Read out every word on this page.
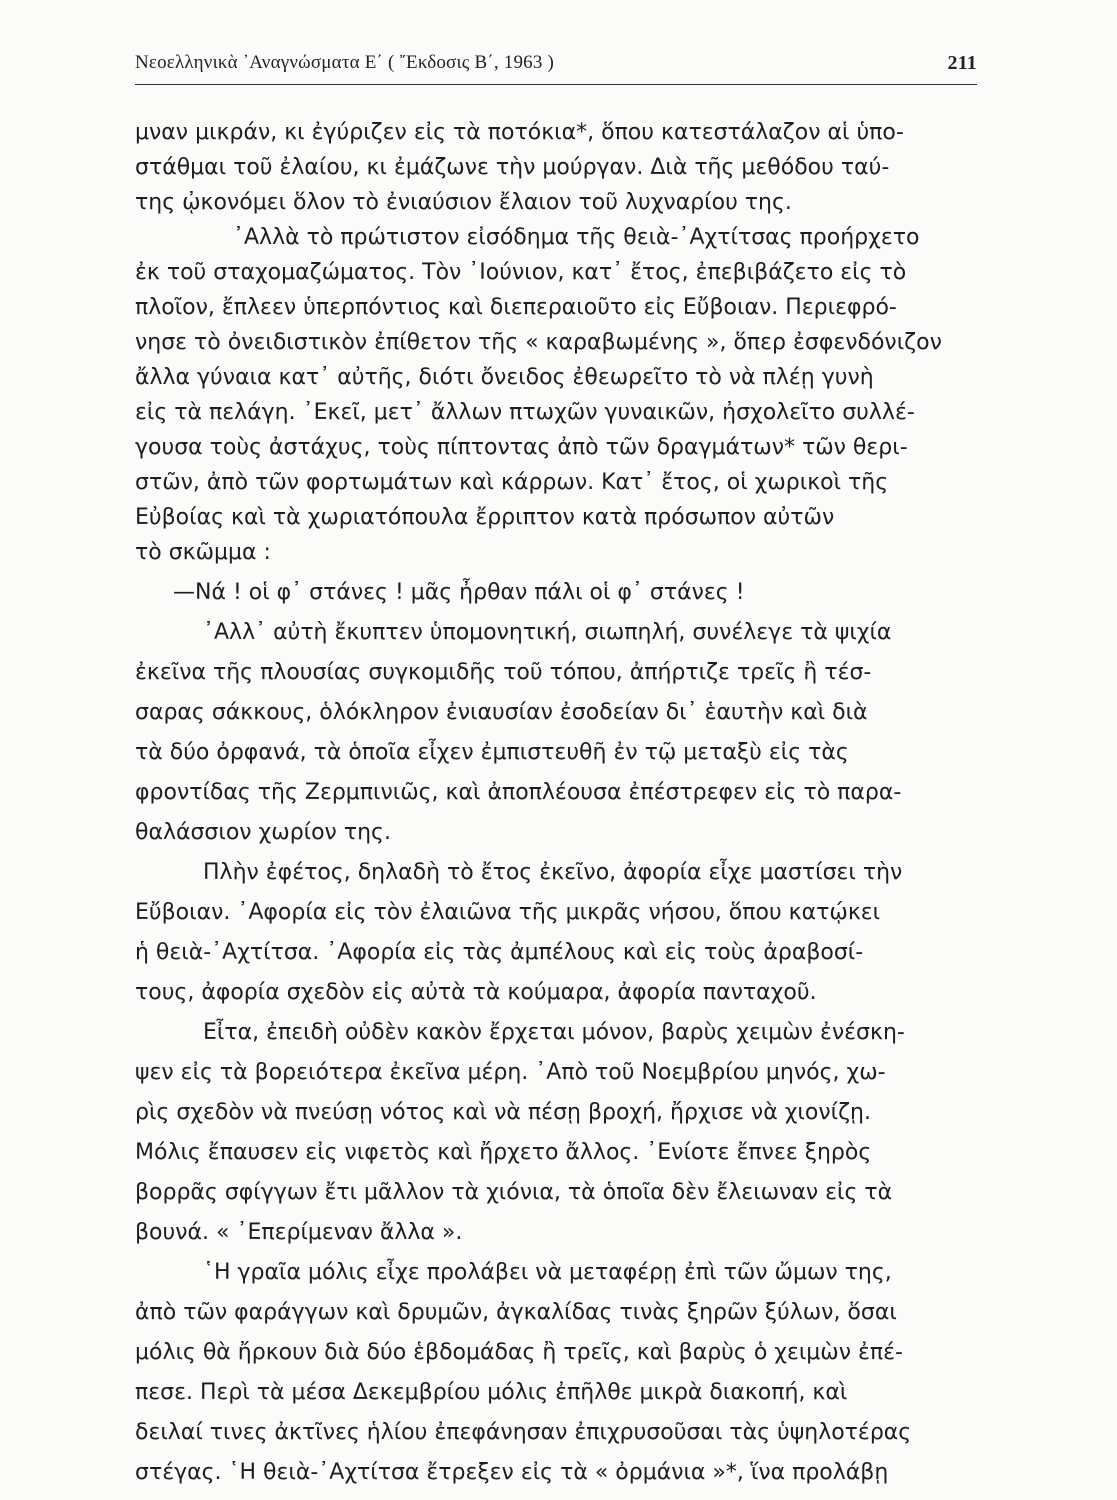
Νεοελληνικὰ ᾿Αναγνώσματα Ε΄ ( ῎Εκδοσις Β΄, 1963 )	211
μναν μικράν, κι ἐγύριζεν εἰς τὰ ποτόκια*, ὅπου κατεστάλαζον αἱ ὑπο-
στάθμαι τοῦ ἐλαίου, κι ἐμάζωνε τὴν μούργαν. Διὰ τῆς μεθόδου ταύ-
της ᾠκονόμει ὅλον τὸ ἐνιαύσιον ἔλαιον τοῦ λυχναρίου της.
᾿Αλλὰ τὸ πρώτιστον εἰσόδημα τῆς θειὰ-᾿Αχτίτσας προήρχετο
ἐκ τοῦ σταχομαζώματος. Τὸν ᾿Ιούνιον, κατ᾿ ἔτος, ἐπεβιβάζετο εἰς τὸ
πλοῖον, ἔπλεεν ὑπερπόντιος καὶ διεπεραιοῦτο εἰς Εὔβοιαν. Περιεφρό-
νησε τὸ ὀνειδιστικὸν ἐπίθετον τῆς « καραβωμένης », ὅπερ ἐσφενδόνιζον
ἄλλα γύναια κατ᾿ αὐτῆς, διότι ὄνειδος ἐθεωρεῖτο τὸ νὰ πλέῃ γυνὴ
εἰς τὰ πελάγη. ᾿Εκεῖ, μετ᾿ ἄλλων πτωχῶν γυναικῶν, ἠσχολεῖτο συλλέ-
γουσα τοὺς ἀστάχυς, τοὺς πίπτοντας ἀπὸ τῶν δραγμάτων* τῶν θερι-
στῶν, ἀπὸ τῶν φορτωμάτων καὶ κάρρων. Κατ᾿ ἔτος, οἱ χωρικοὶ τῆς
Εὐβοίας καὶ τὰ χωριατόπουλα ἔρριπτον κατὰ πρόσωπον αὐτῶν
τὸ σκῶμμα :
—Νά ! οἱ φ᾿ στάνες ! μᾶς ἦρθαν πάλι οἱ φ᾿ στάνες !
᾿Αλλ᾿ αὐτὴ ἔκυπτεν ὑπομονητική, σιωπηλή, συνέλεγε τὰ ψιχία
ἐκεῖνα τῆς πλουσίας συγκομιδῆς τοῦ τόπου, ἀπήρτιζε τρεῖς ἢ τέσ-
σαρας σάκκους, ὁλόκληρον ἐνιαυσίαν ἐσοδείαν δι᾿ ἑαυτὴν καὶ διὰ
τὰ δύο ὀρφανά, τὰ ὁποῖα εἶχεν ἐμπιστευθῆ ἐν τῷ μεταξὺ εἰς τὰς
φροντίδας τῆς Ζερμπινιῶς, καὶ ἀποπλέουσα ἐπέστρεφεν εἰς τὸ παρα-
θαλάσσιον χωρίον της.
Πλὴν ἐφέτος, δηλαδὴ τὸ ἔτος ἐκεῖνο, ἀφορία εἶχε μαστίσει τὴν
Εὔβοιαν. ᾿Αφορία εἰς τὸν ἐλαιῶνα τῆς μικρᾶς νήσου, ὅπου κατῴκει
ἡ θειὰ-᾿Αχτίτσα. ᾿Αφορία εἰς τὰς ἀμπέλους καὶ εἰς τοὺς ἀραβοσί-
τους, ἀφορία σχεδὸν εἰς αὐτὰ τὰ κούμαρα, ἀφορία πανταχοῦ.
Εἶτα, ἐπειδὴ οὐδὲν κακὸν ἔρχεται μόνον, βαρὺς χειμὼν ἐνέσκη-
ψεν εἰς τὰ βορειότερα ἐκεῖνα μέρη. ᾿Απὸ τοῦ Νοεμβρίου μηνός, χω-
ρὶς σχεδὸν νὰ πνεύσῃ νότος καὶ νὰ πέσῃ βροχή, ἤρχισε νὰ χιονίζῃ.
Μόλις ἔπαυσεν εἰς νιφετὸς καὶ ἤρχετο ἄλλος. ᾿Ενίοτε ἔπνεε ξηρὸς
βορρᾶς σφίγγων ἔτι μᾶλλον τὰ χιόνια, τὰ ὁποῖα δὲν ἔλειωναν εἰς τὰ
βουνά. « ᾿Επερίμεναν ἄλλα ».
῾Η γραῖα μόλις εἶχε προλάβει νὰ μεταφέρῃ ἐπὶ τῶν ὤμων της,
ἀπὸ τῶν φαράγγων καὶ δρυμῶν, ἀγκαλίδας τινὰς ξηρῶν ξύλων, ὅσαι
μόλις θὰ ἤρκουν διὰ δύο ἑβδομάδας ἢ τρεῖς, καὶ βαρὺς ὁ χειμὼν ἐπέ-
πεσε. Περὶ τὰ μέσα Δεκεμβρίου μόλις ἐπῆλθε μικρὰ διακοπή, καὶ
δειλαί τινες ἀκτῖνες ἡλίου ἐπεφάνησαν ἐπιχρυσοῦσαι τὰς ὑψηλοτέρας
στέγας. ῾Η θειὰ-᾿Αχτίτσα ἔτρεξεν εἰς τὰ « ὀρμάνια »*, ἵνα προλάβῃ
